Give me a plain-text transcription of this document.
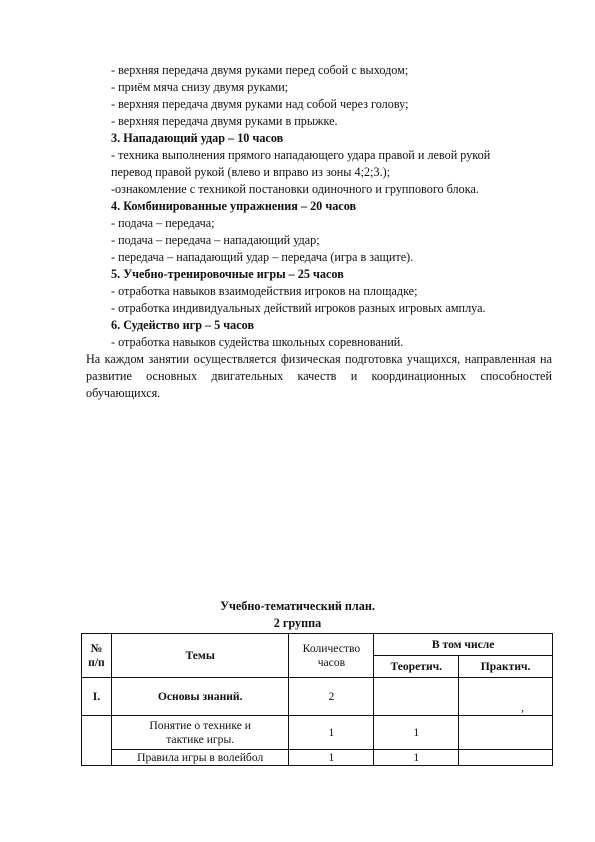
- верхняя передача двумя руками перед собой с выходом;
- приём мяча снизу двумя руками;
- верхняя передача двумя руками над собой через голову;
- верхняя передача двумя руками в прыжке.
3. Нападающий удар – 10 часов
- техника выполнения прямого нападающего удара правой и левой рукой
перевод правой рукой (влево и вправо из зоны 4;2;3.);
-ознакомление с техникой постановки одиночного и группового блока.
4. Комбинированные упражнения – 20 часов
- подача – передача;
- подача – передача – нападающий удар;
- передача – нападающий удар – передача (игра в защите).
5. Учебно-тренировочные игры – 25 часов
- отработка навыков взаимодействия игроков на площадке;
- отработка индивидуальных действий игроков разных игровых амплуа.
6. Судейство игр – 5 часов
- отработка навыков судейства школьных соревнований.
На каждом занятии осуществляется физическая подготовка учащихся, направленная на развитие основных двигательных качеств и координационных способностей обучающихся.
Учебно-тематический план.
2 группа
№ п/п	Темы	Количество часов	В том числе	
			Теоретич.	Практич.
I.	Основы знаний.	2		,
	Понятие о технике и тактике игры.	1	1	
	Правила игры в волейбол	1	1	
